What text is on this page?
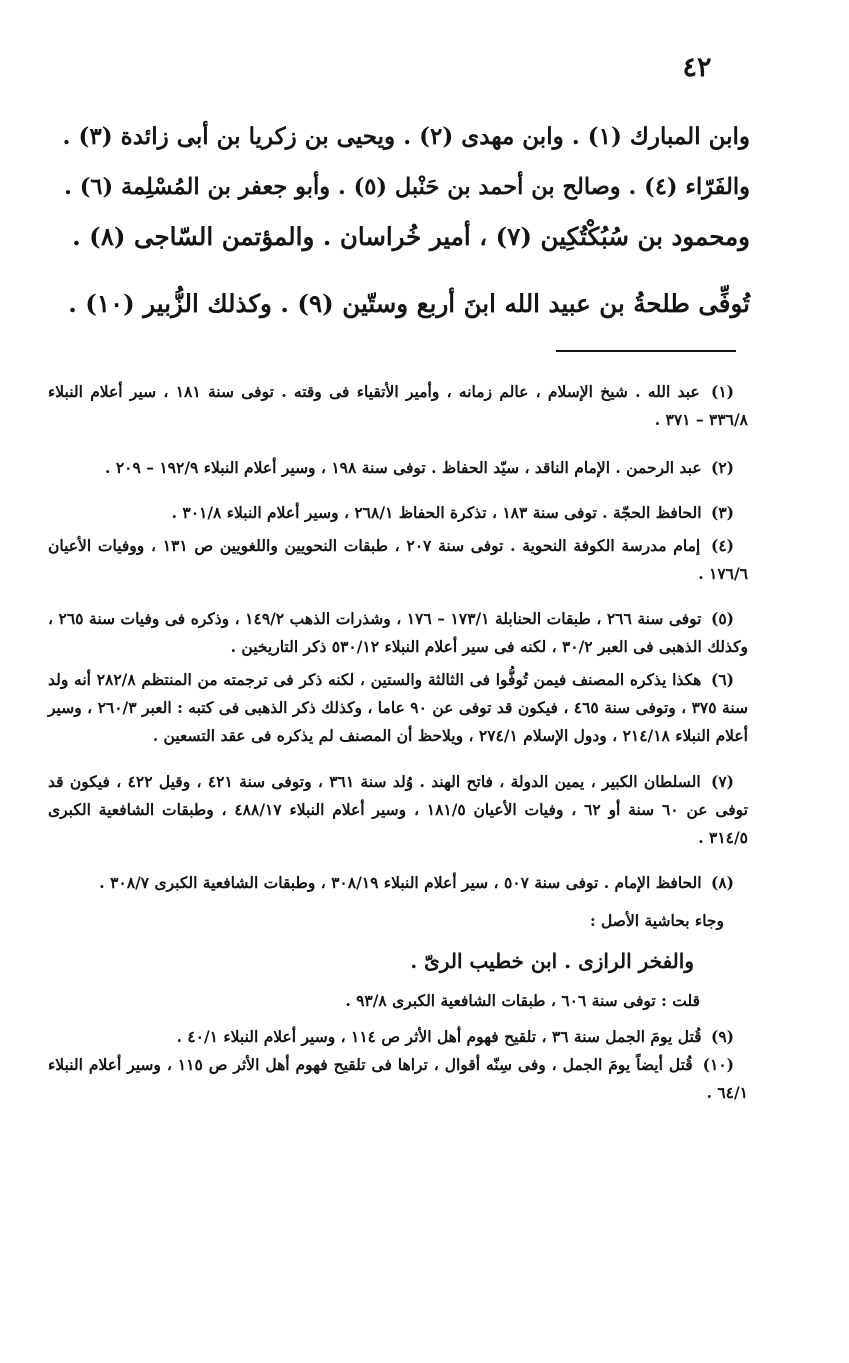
٤٢
وابن المبارك (١) . وابن مهدى (٢) . ويحيى بن زكريا بن أبى زائدة (٣) .
والفَرّاء (٤) . وصالح بن أحمد بن حَنْبل (٥) . وأبو جعفر بن المُسْلِمة (٦) .
ومحمود بن سُبُكْتُكِين (٧) ، أمير خُراسان . والمؤتمن السّاجى (٨) .
تُوفِّى طلحةُ بن عبيد الله ابنَ أربع وستّين (٩) . وكذلك الزُّبير (١٠) .

(١) عبد الله . شيخ الإسلام ، عالم زمانه ، وأمير الأتقياء فى وقته . توفى سنة ١٨١ ، سير أعلام النبلاء ٣٣٦/٨ – ٣٧١ .

(٢) عبد الرحمن . الإمام الناقد ، سيّد الحفاظ . توفى سنة ١٩٨ ، وسير أعلام النبلاء ١٩٢/٩ – ٢٠٩ .

(٣) الحافظ الحجّة . توفى سنة ١٨٣ ، تذكرة الحفاظ ٢٦٨/١ ، وسير أعلام النبلاء ٣٠١/٨ .

(٤) إمام مدرسة الكوفة النحوية . توفى سنة ٢٠٧ ، طبقات النحويين واللغويين ص ١٣١ ، ووفيات الأعيان ١٧٦/٦ .

(٥) توفى سنة ٢٦٦ ، طبقات الحنابلة ١٧٣/١ – ١٧٦ ، وشذرات الذهب ١٤٩/٢ ، وذكره فى وفيات سنة ٢٦٥ ، وكذلك الذهبى فى العبر ٣٠/٢ ، لكنه فى سير أعلام النبلاء ٥٣٠/١٢ ذكر التاريخين .

(٦) هكذا يذكره المصنف فيمن تُوفُّوا فى الثالثة والستين ، لكنه ذكر فى ترجمته من المنتظم ٢٨٢/٨ أنه ولد سنة ٣٧٥ ، وتوفى سنة ٤٦٥ ، فيكون قد توفى عن ٩٠ عاما ، وكذلك ذكر الذهبى فى كتبه : العبر ٢٦٠/٣ ، وسير أعلام النبلاء ٢١٤/١٨ ، ودول الإسلام ٢٧٤/١ ، ويلاحظ أن المصنف لم يذكره فى عقد التسعين .

(٧) السلطان الكبير ، يمين الدولة ، فاتح الهند . وُلد سنة ٣٦١ ، وتوفى سنة ٤٢١ ، وقيل ٤٢٢ ، فيكون قد توفى عن ٦٠ سنة أو ٦٢ ، وفيات الأعيان ١٨١/٥ ، وسير أعلام النبلاء ٤٨٨/١٧ ، وطبقات الشافعية الكبرى ٣١٤/٥ .

(٨) الحافظ الإمام . توفى سنة ٥٠٧ ، سير أعلام النبلاء ٣٠٨/١٩ ، وطبقات الشافعية الكبرى ٣٠٨/٧ .

وجاء بحاشية الأصل :
والفخر الرازى . ابن خطيب الرىّ .
قلت : توفى سنة ٦٠٦ ، طبقات الشافعية الكبرى ٩٣/٨ .

(٩) قُتل يومَ الجمل سنة ٣٦ ، تلقيح فهوم أهل الأثر ص ١١٤ ، وسير أعلام النبلاء ٤٠/١ .

(١٠) قُتل أيضاً يومَ الجمل ، وفى سِنّه أقوال ، تراها فى تلقيح فهوم أهل الأثر ص ١١٥ ، وسير أعلام النبلاء ٦٤/١ .
